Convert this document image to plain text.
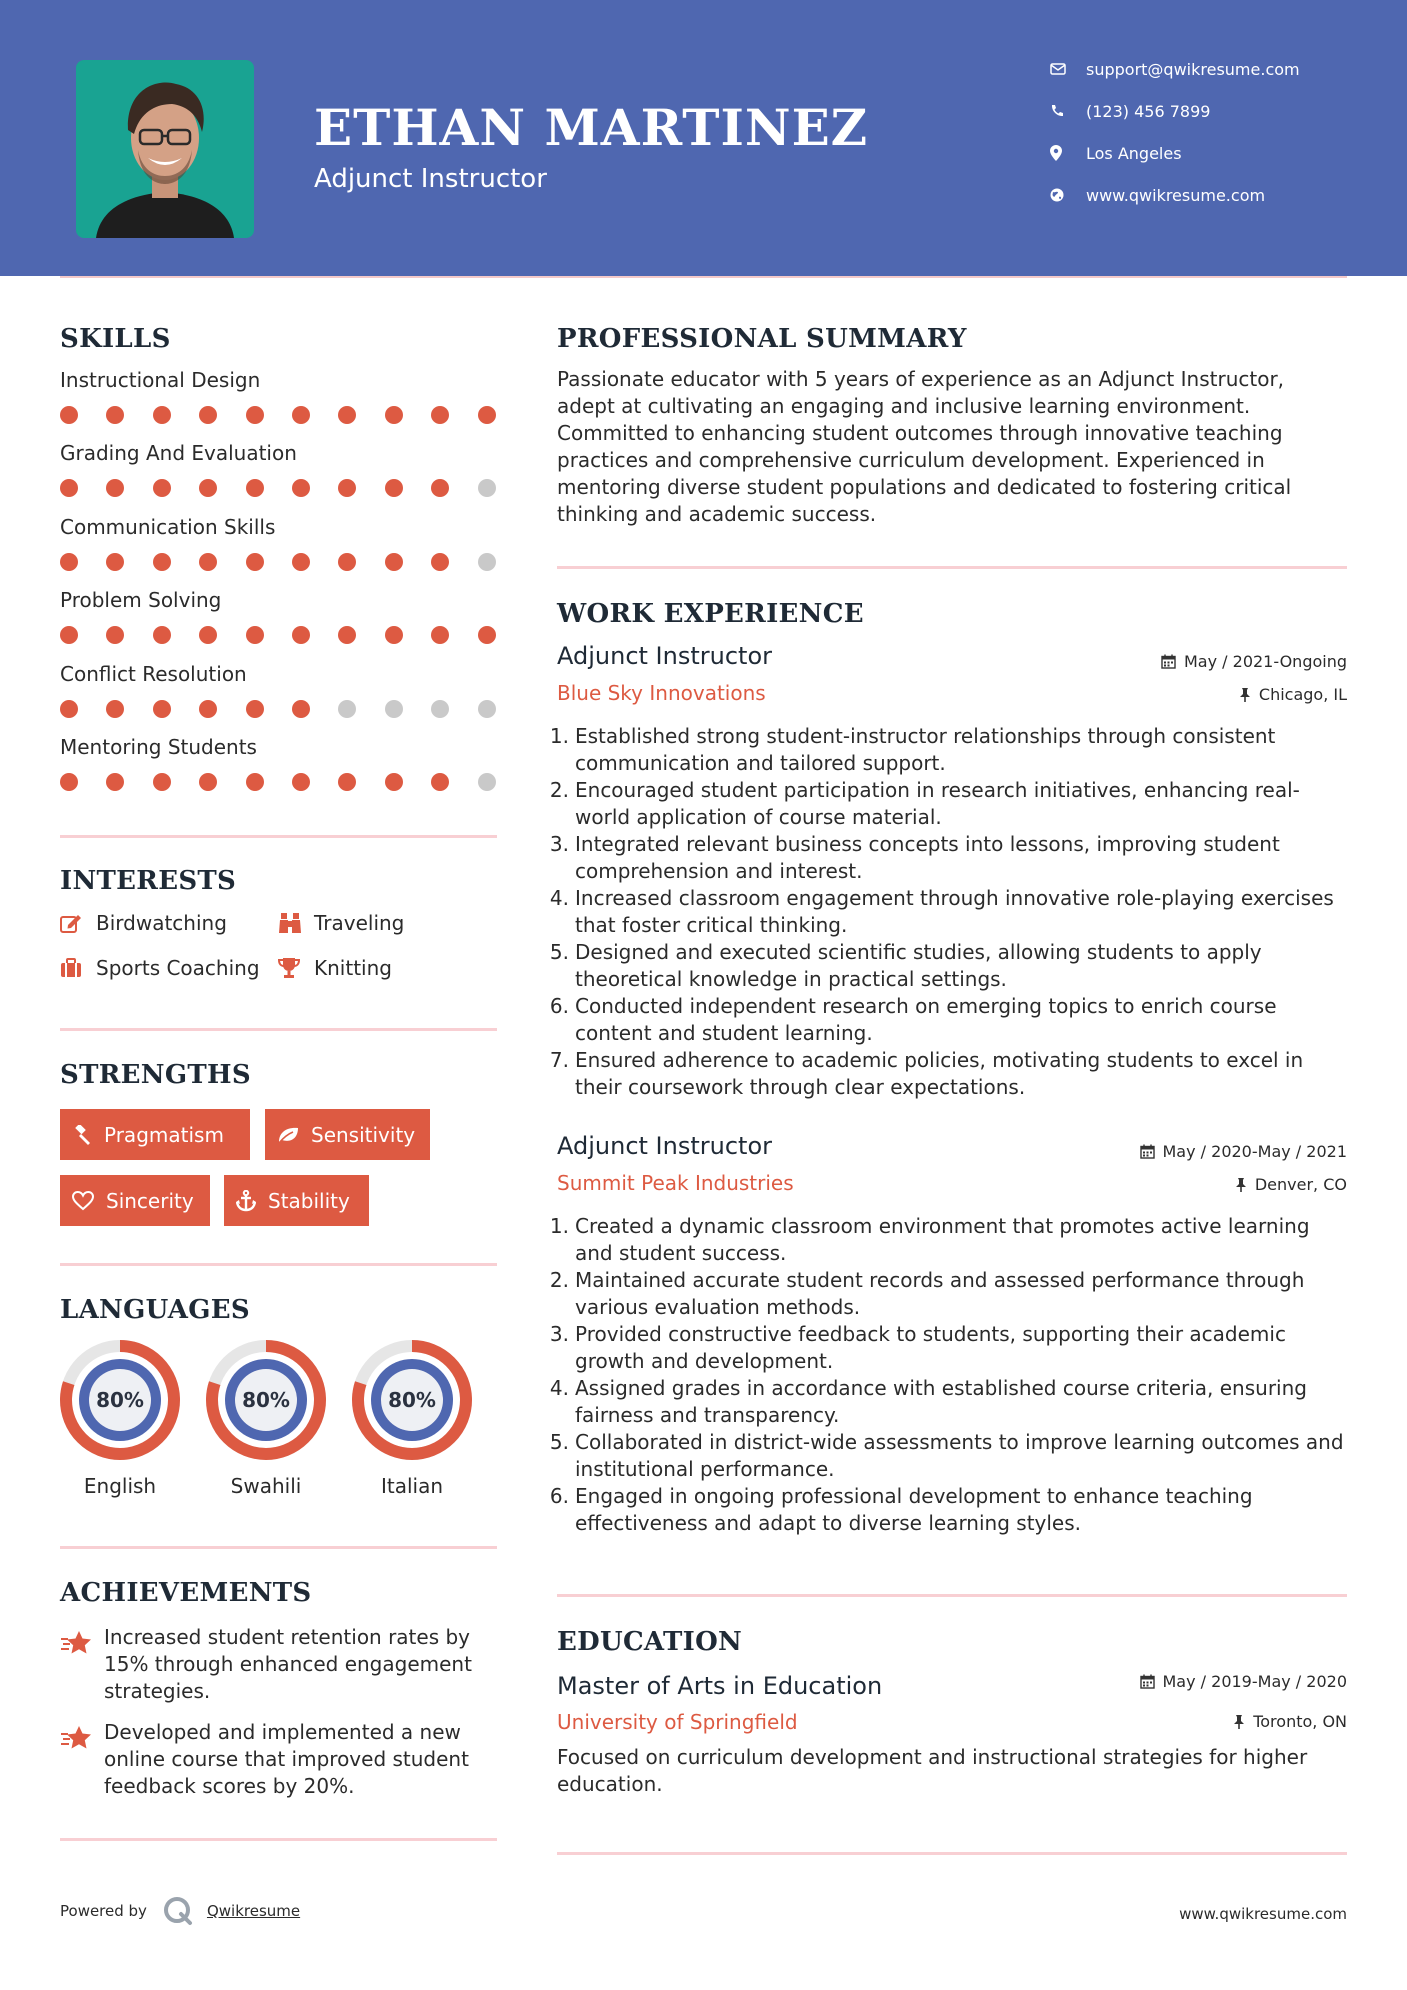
ETHAN MARTINEZ
Adjunct Instructor
support@qwikresume.com
(123) 456 7899
Los Angeles
www.qwikresume.com
SKILLS
Instructional Design
Grading And Evaluation
Communication Skills
Problem Solving
Conflict Resolution
Mentoring Students
INTERESTS
Birdwatching	Traveling
Sports Coaching	Knitting
STRENGTHS
Pragmatism	Sensitivity
Sincerity	Stability
LANGUAGES
80%
English
80%
Swahili
80%
Italian
ACHIEVEMENTS
Increased student retention rates by 15% through enhanced engagement strategies.
Developed and implemented a new online course that improved student feedback scores by 20%.
PROFESSIONAL SUMMARY
Passionate educator with 5 years of experience as an Adjunct Instructor, adept at cultivating an engaging and inclusive learning environment. Committed to enhancing student outcomes through innovative teaching practices and comprehensive curriculum development. Experienced in mentoring diverse student populations and dedicated to fostering critical thinking and academic success.
WORK EXPERIENCE
Adjunct Instructor	May / 2021-Ongoing
Blue Sky Innovations	Chicago, IL
1. Established strong student-instructor relationships through consistent communication and tailored support.
2. Encouraged student participation in research initiatives, enhancing real-world application of course material.
3. Integrated relevant business concepts into lessons, improving student comprehension and interest.
4. Increased classroom engagement through innovative role-playing exercises that foster critical thinking.
5. Designed and executed scientific studies, allowing students to apply theoretical knowledge in practical settings.
6. Conducted independent research on emerging topics to enrich course content and student learning.
7. Ensured adherence to academic policies, motivating students to excel in their coursework through clear expectations.
Adjunct Instructor	May / 2020-May / 2021
Summit Peak Industries	Denver, CO
1. Created a dynamic classroom environment that promotes active learning and student success.
2. Maintained accurate student records and assessed performance through various evaluation methods.
3. Provided constructive feedback to students, supporting their academic growth and development.
4. Assigned grades in accordance with established course criteria, ensuring fairness and transparency.
5. Collaborated in district-wide assessments to improve learning outcomes and institutional performance.
6. Engaged in ongoing professional development to enhance teaching effectiveness and adapt to diverse learning styles.
EDUCATION
Master of Arts in Education	May / 2019-May / 2020
University of Springfield	Toronto, ON
Focused on curriculum development and instructional strategies for higher education.
Powered by	Qwikresume	www.qwikresume.com
